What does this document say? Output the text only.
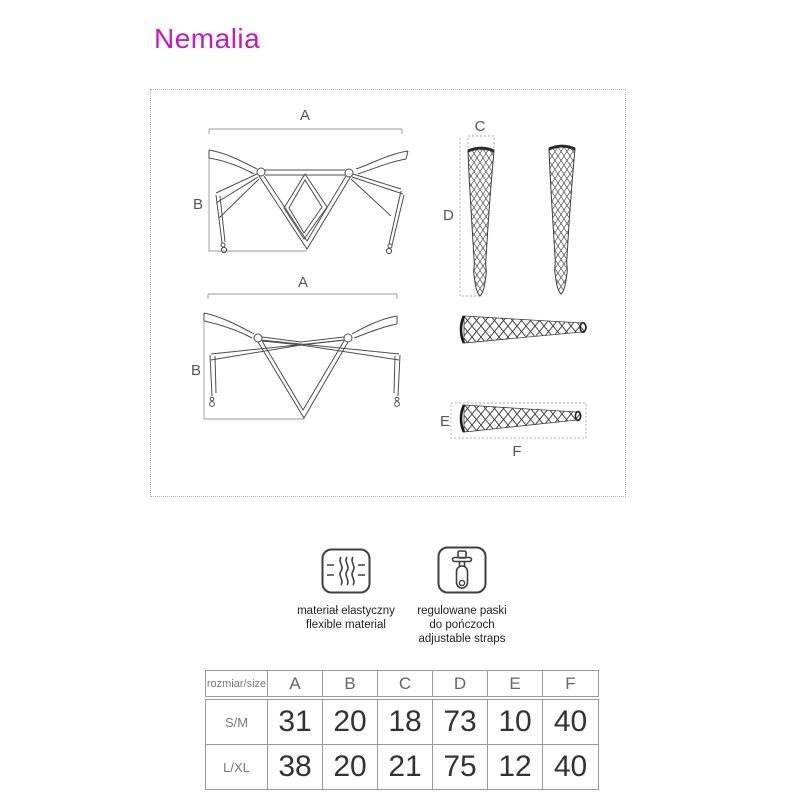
Nemalia
A
B
A
B
C
D
E
F
materiał elastyczny
flexible material
regulowane paski
do pończoch
adjustable straps
rozmiar/size	A	B	C	D	E	F
S/M	31 20 18 73 10 40
L/XL 38 20 21 75 12 40
